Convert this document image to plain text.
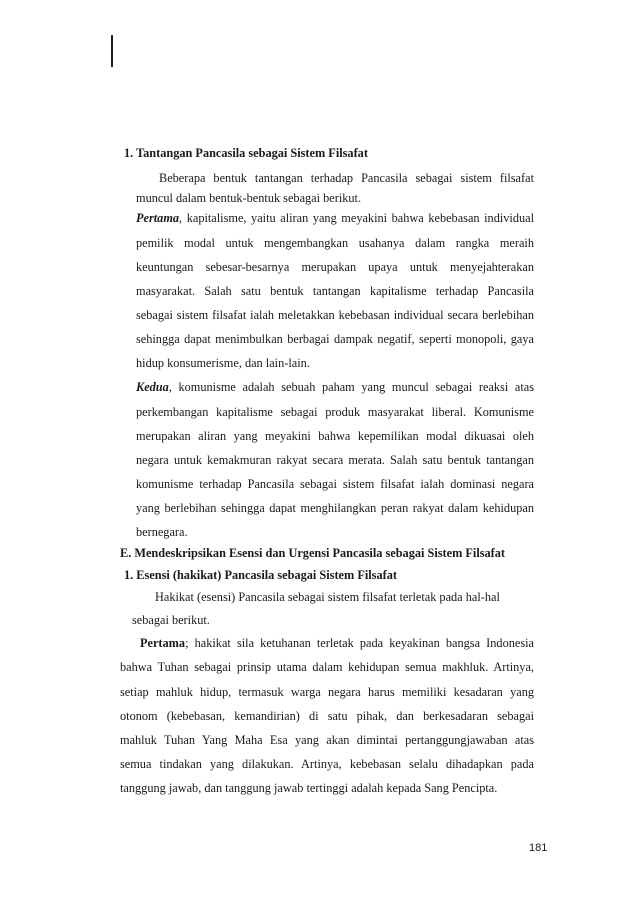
1. Tantangan Pancasila sebagai Sistem Filsafat
Beberapa bentuk tantangan terhadap Pancasila sebagai sistem filsafat
muncul dalam bentuk-bentuk sebagai berikut.
Pertama, kapitalisme, yaitu aliran yang meyakini bahwa kebebasan individual
pemilik modal untuk mengembangkan usahanya dalam rangka meraih
keuntungan sebesar-besarnya merupakan upaya untuk menyejahterakan
masyarakat. Salah satu bentuk tantangan kapitalisme terhadap Pancasila
sebagai sistem filsafat ialah meletakkan kebebasan individual secara berlebihan
sehingga dapat menimbulkan berbagai dampak negatif, seperti monopoli, gaya
hidup konsumerisme, dan lain-lain.
Kedua, komunisme adalah sebuah paham yang muncul sebagai reaksi atas
perkembangan kapitalisme sebagai produk masyarakat liberal. Komunisme
merupakan aliran yang meyakini bahwa kepemilikan modal dikuasai oleh
negara untuk kemakmuran rakyat secara merata. Salah satu bentuk tantangan
komunisme terhadap Pancasila sebagai sistem filsafat ialah dominasi negara
yang berlebihan sehingga dapat menghilangkan peran rakyat dalam kehidupan
bernegara.
E. Mendeskripsikan Esensi dan Urgensi Pancasila sebagai Sistem Filsafat
1. Esensi (hakikat) Pancasila sebagai Sistem Filsafat
Hakikat (esensi) Pancasila sebagai sistem filsafat terletak pada hal-hal
sebagai berikut.
Pertama; hakikat sila ketuhanan terletak pada keyakinan bangsa Indonesia
bahwa Tuhan sebagai prinsip utama dalam kehidupan semua makhluk. Artinya,
setiap mahluk hidup, termasuk warga negara harus memiliki kesadaran yang
otonom (kebebasan, kemandirian) di satu pihak, dan berkesadaran sebagai
mahluk Tuhan Yang Maha Esa yang akan dimintai pertanggungjawaban atas
semua tindakan yang dilakukan. Artinya, kebebasan selalu dihadapkan pada
tanggung jawab, dan tanggung jawab tertinggi adalah kepada Sang Pencipta.
181
